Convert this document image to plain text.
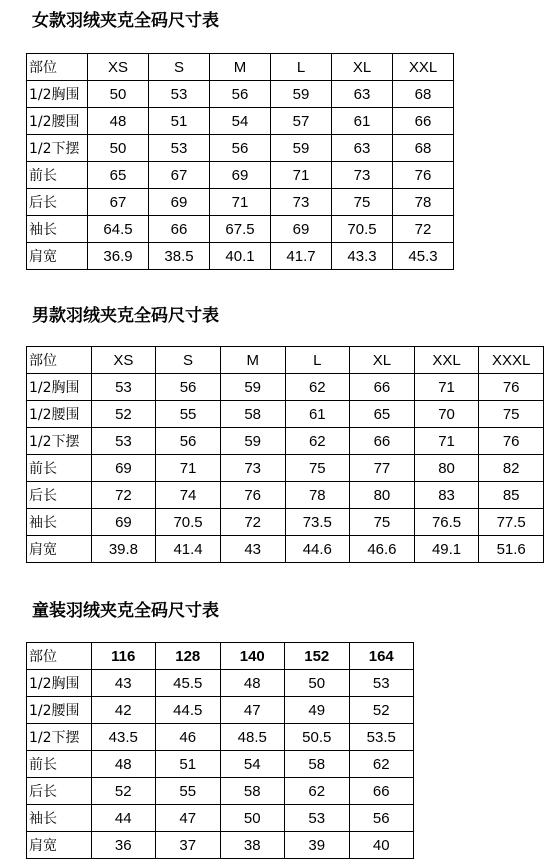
女款羽绒夹克全码尺寸表
部位	XS	S	M	L	XL	XXL
1/2胸围	50	53	56	59	63	68
1/2腰围	48	51	54	57	61	66
1/2下摆	50	53	56	59	63	68
前长	65	67	69	71	73	76
后长	67	69	71	73	75	78
袖长	64.5	66	67.5	69	70.5	72
肩宽	36.9	38.5	40.1	41.7	43.3	45.3
男款羽绒夹克全码尺寸表
部位	XS	S	M	L	XL	XXL	XXXL
1/2胸围	53	56	59	62	66	71	76
1/2腰围	52	55	58	61	65	70	75
1/2下摆	53	56	59	62	66	71	76
前长	69	71	73	75	77	80	82
后长	72	74	76	78	80	83	85
袖长	69	70.5	72	73.5	75	76.5	77.5
肩宽	39.8	41.4	43	44.6	46.6	49.1	51.6
童装羽绒夹克全码尺寸表
部位	116	128	140	152	164
1/2胸围	43	45.5	48	50	53
1/2腰围	42	44.5	47	49	52
1/2下摆	43.5	46	48.5	50.5	53.5
前长	48	51	54	58	62
后长	52	55	58	62	66
袖长	44	47	50	53	56
肩宽	36	37	38	39	40
